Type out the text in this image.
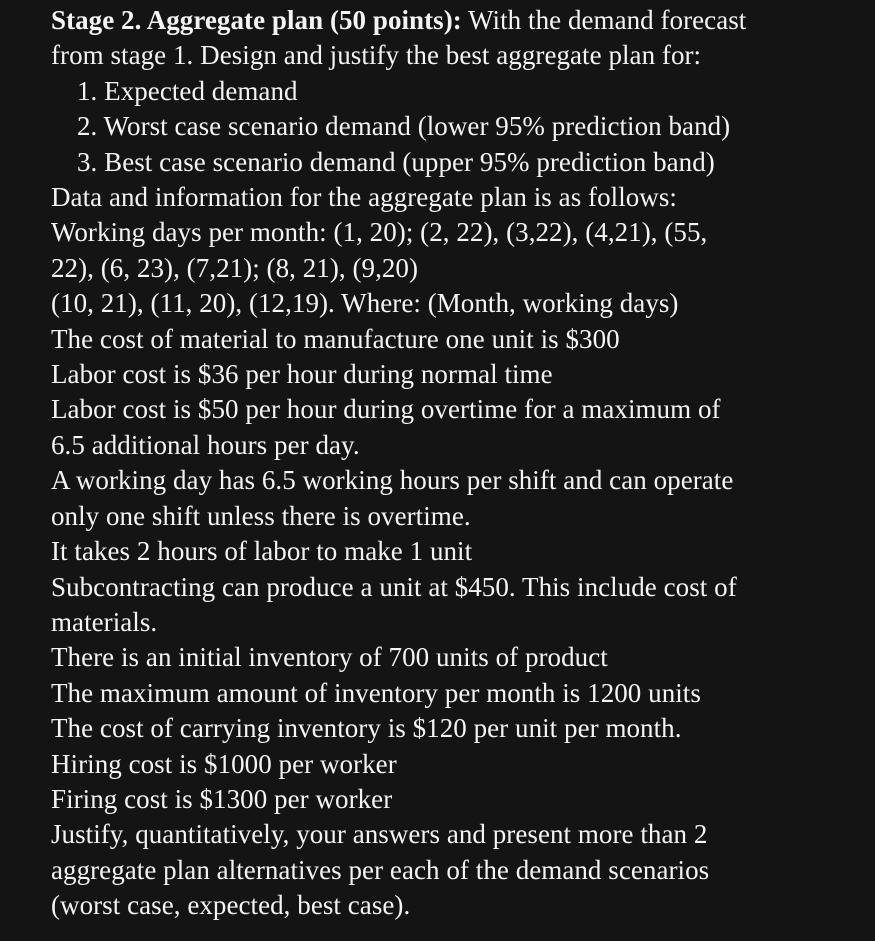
Stage 2. Aggregate plan (50 points): With the demand forecast
from stage 1. Design and justify the best aggregate plan for:
1. Expected demand
2. Worst case scenario demand (lower 95% prediction band)
3. Best case scenario demand (upper 95% prediction band)
Data and information for the aggregate plan is as follows:
Working days per month: (1, 20); (2, 22), (3,22), (4,21), (55,
22), (6, 23), (7,21); (8, 21), (9,20)
(10, 21), (11, 20), (12,19). Where: (Month, working days)
The cost of material to manufacture one unit is $300
Labor cost is $36 per hour during normal time
Labor cost is $50 per hour during overtime for a maximum of
6.5 additional hours per day.
A working day has 6.5 working hours per shift and can operate
only one shift unless there is overtime.
It takes 2 hours of labor to make 1 unit
Subcontracting can produce a unit at $450. This include cost of
materials.
There is an initial inventory of 700 units of product
The maximum amount of inventory per month is 1200 units
The cost of carrying inventory is $120 per unit per month.
Hiring cost is $1000 per worker
Firing cost is $1300 per worker
Justify, quantitatively, your answers and present more than 2
aggregate plan alternatives per each of the demand scenarios
(worst case, expected, best case).
